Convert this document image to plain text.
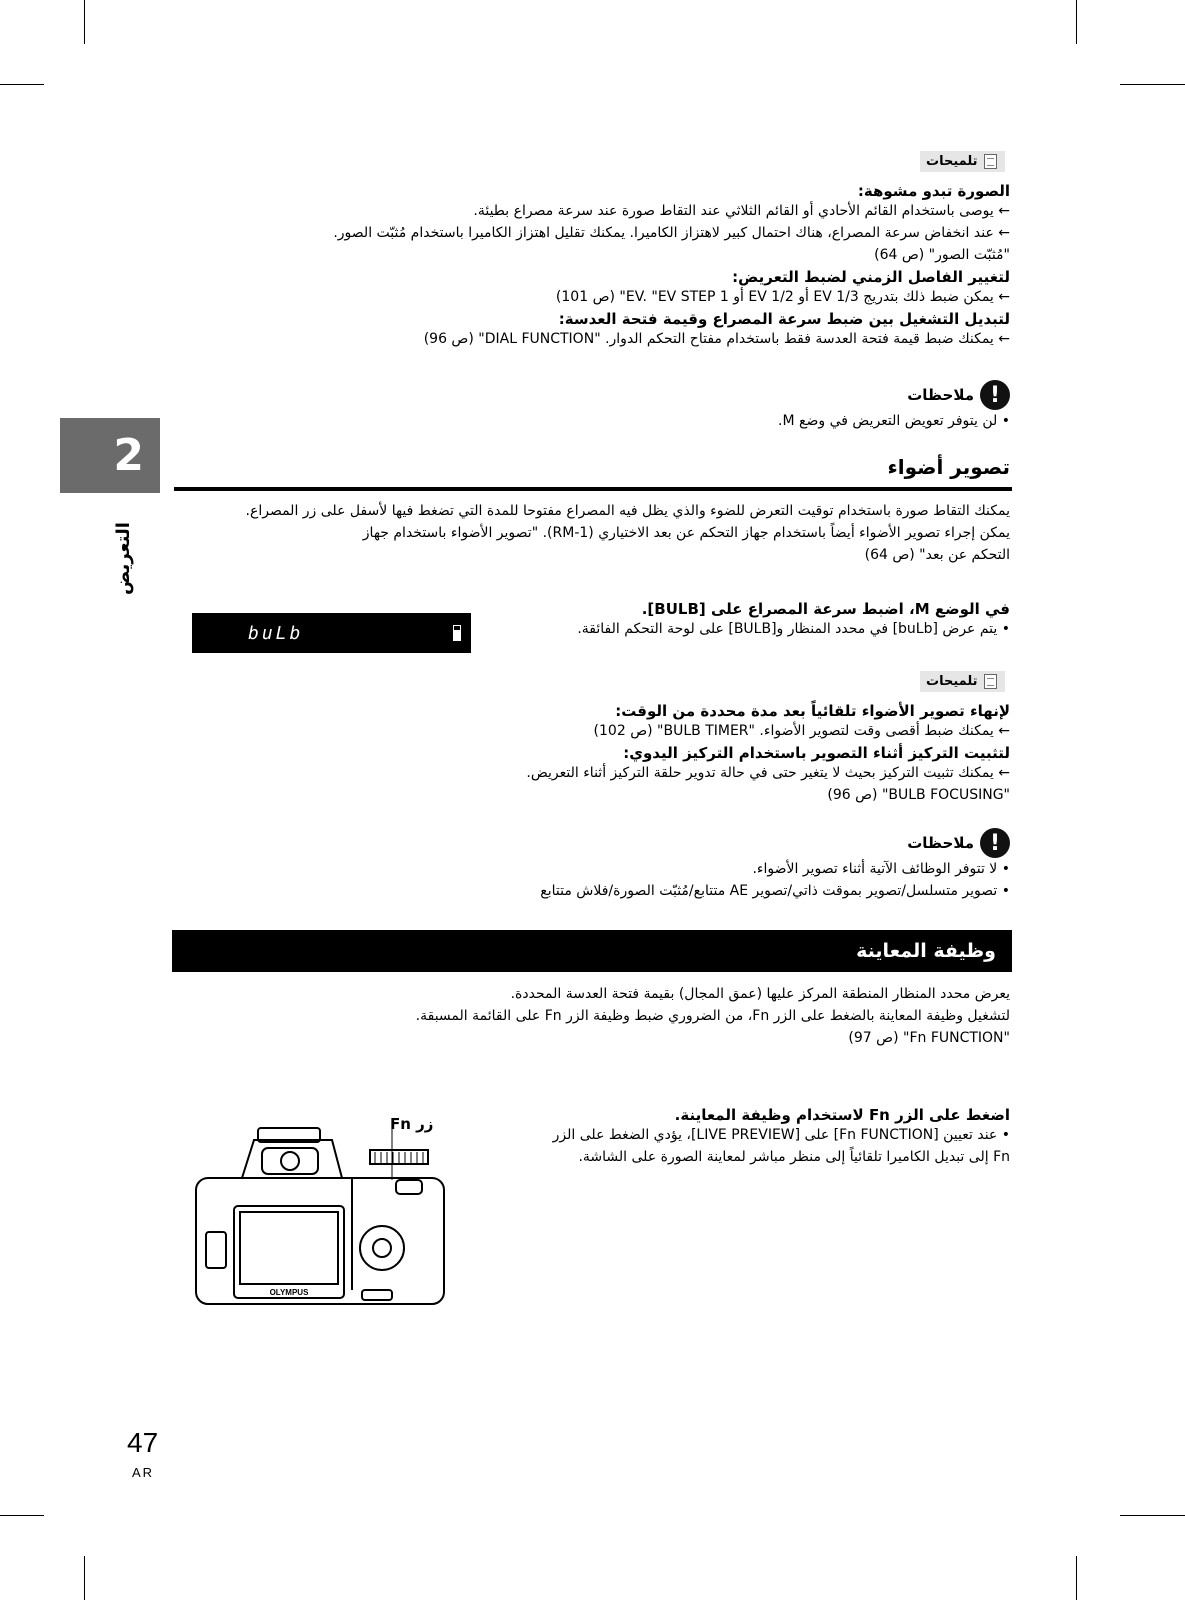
2
التعريض
تلميحات
الصورة تبدو مشوهة:
← يوصى باستخدام القائم الأحادي أو القائم الثلاثي عند التقاط صورة عند سرعة مصراع بطيئة.
← عند انخفاض سرعة المصراع، هناك احتمال كبير لاهتزاز الكاميرا. يمكنك تقليل اهتزاز الكاميرا باستخدام مُثبّت الصور.
"مُثبّت الصور" (ص 64)
لتغيير الفاصل الزمني لضبط التعريض:
← يمكن ضبط ذلك بتدريج 1/3 EV أو 1/2 EV أو 1 EV. "EV STEP" (ص 101)
لتبديل التشغيل بين ضبط سرعة المصراع وقيمة فتحة العدسة:
← يمكنك ضبط قيمة فتحة العدسة فقط باستخدام مفتاح التحكم الدوار. "DIAL FUNCTION" (ص 96)
!
ملاحظات
• لن يتوفر تعويض التعريض في وضع M.
تصوير أضواء
يمكنك التقاط صورة باستخدام توقيت التعرض للضوء والذي يظل فيه المصراع مفتوحا للمدة التي تضغط فيها لأسفل على زر المصراع.
يمكن إجراء تصوير الأضواء أيضاً باستخدام جهاز التحكم عن بعد الاختياري (RM-1). "تصوير الأضواء باستخدام جهاز
التحكم عن بعد" (ص 64)
buLb
في الوضع M، اضبط سرعة المصراع على [BULB].
• يتم عرض [buLb] في محدد المنظار و[BULB] على لوحة التحكم الفائقة.
تلميحات
لإنهاء تصوير الأضواء تلقائياً بعد مدة محددة من الوقت:
← يمكنك ضبط أقصى وقت لتصوير الأضواء. "BULB TIMER" (ص 102)
لتثبيت التركيز أثناء التصوير باستخدام التركيز اليدوي:
← يمكنك تثبيت التركيز بحيث لا يتغير حتى في حالة تدوير حلقة التركيز أثناء التعريض.
"BULB FOCUSING" (ص 96)
!
ملاحظات
• لا تتوفر الوظائف الآتية أثناء تصوير الأضواء.
• تصوير متسلسل/تصوير بموقت ذاتي/تصوير AE متتابع/مُثبّت الصورة/فلاش متتابع
وظيفة المعاينة
يعرض محدد المنظار المنطقة المركز عليها (عمق المجال) بقيمة فتحة العدسة المحددة.
لتشغيل وظيفة المعاينة بالضغط على الزر Fn، من الضروري ضبط وظيفة الزر Fn على القائمة المسبقة.
"Fn FUNCTION" (ص 97)
اضغط على الزر Fn لاستخدام وظيفة المعاينة.
• عند تعيين [Fn FUNCTION] على [LIVE PREVIEW]، يؤدي الضغط على الزر
Fn إلى تبديل الكاميرا تلقائياً إلى منظر مباشر لمعاينة الصورة على الشاشة.
زر Fn
OLYMPUS
47
AR
